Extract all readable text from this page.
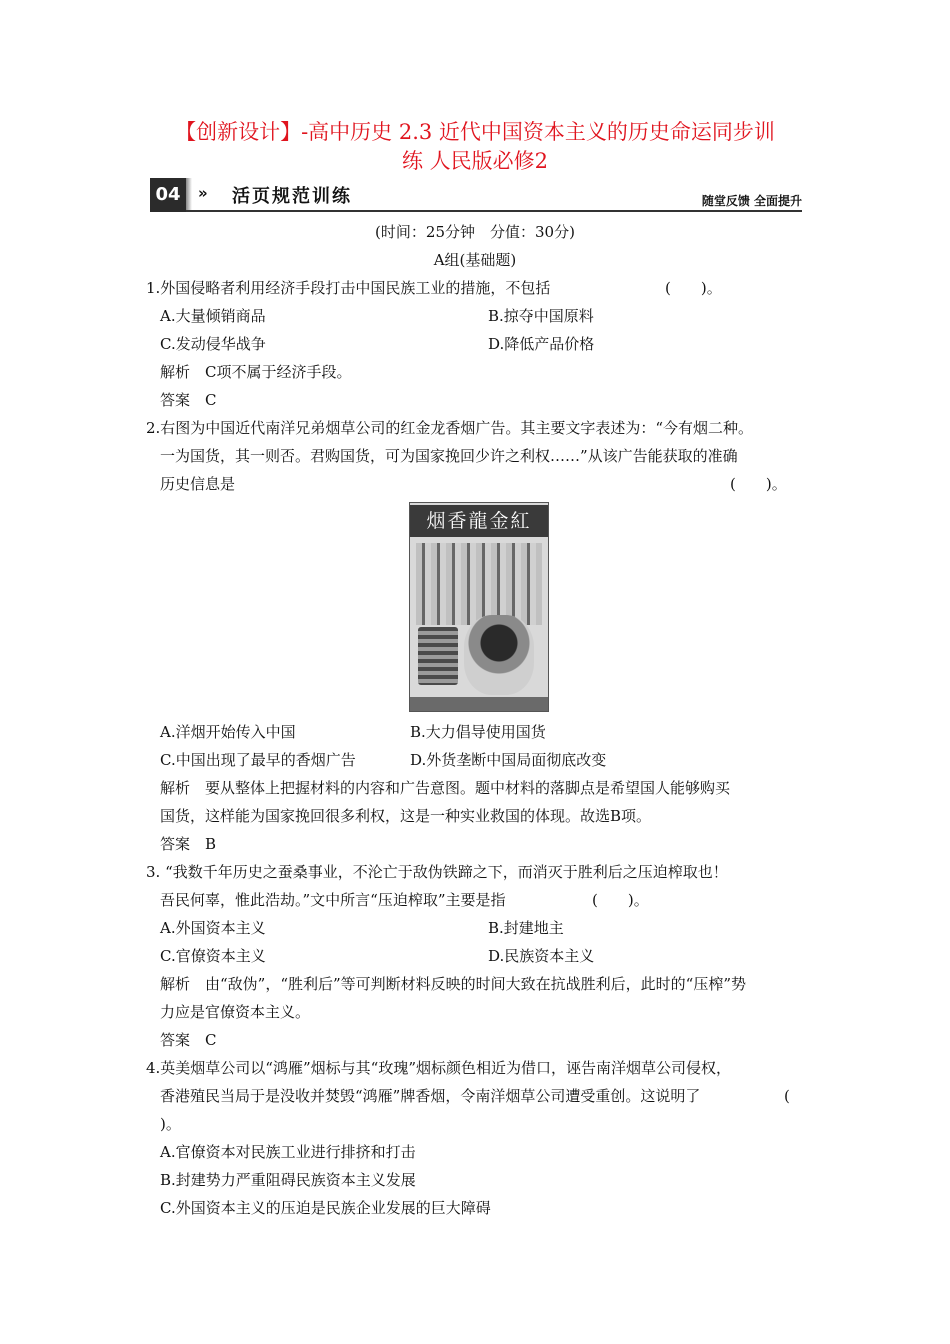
【创新设计】-高中历史 2.3 近代中国资本主义的历史命运同步训
练 人民版必修2
04	» 活页规范训练	随堂反馈 全面提升
(时间：25分钟　分值：30分)
A组(基础题)
1.外国侵略者利用经济手段打击中国民族工业的措施，不包括	(　　)。
A.大量倾销商品	B.掠夺中国原料
C.发动侵华战争	D.降低产品价格
解析　C项不属于经济手段。
答案　C
2.右图为中国近代南洋兄弟烟草公司的红金龙香烟广告。其主要文字表述为：“今有烟二种。
一为国货，其一则否。君购国货，可为国家挽回少许之利权……”从该广告能获取的准确
历史信息是	(　　)。
烟香龍金紅
A.洋烟开始传入中国	B.大力倡导使用国货
C.中国出现了最早的香烟广告	D.外货垄断中国局面彻底改变
解析　要从整体上把握材料的内容和广告意图。题中材料的落脚点是希望国人能够购买
国货，这样能为国家挽回很多利权，这是一种实业救国的体现。故选B项。
答案　B
3. “我数千年历史之蚕桑事业，不沦亡于敌伪铁蹄之下，而消灭于胜利后之压迫榨取也！
吾民何辜，惟此浩劫。”文中所言“压迫榨取”主要是指	(　　)。
A.外国资本主义	B.封建地主
C.官僚资本主义	D.民族资本主义
解析　由“敌伪”，“胜利后”等可判断材料反映的时间大致在抗战胜利后，此时的“压榨”势
力应是官僚资本主义。
答案　C
4.英美烟草公司以“鸿雁”烟标与其“玫瑰”烟标颜色相近为借口，诬告南洋烟草公司侵权，
香港殖民当局于是没收并焚毁“鸿雁”牌香烟，令南洋烟草公司遭受重创。这说明了	(
)。
A.官僚资本对民族工业进行排挤和打击
B.封建势力严重阻碍民族资本主义发展
C.外国资本主义的压迫是民族企业发展的巨大障碍
